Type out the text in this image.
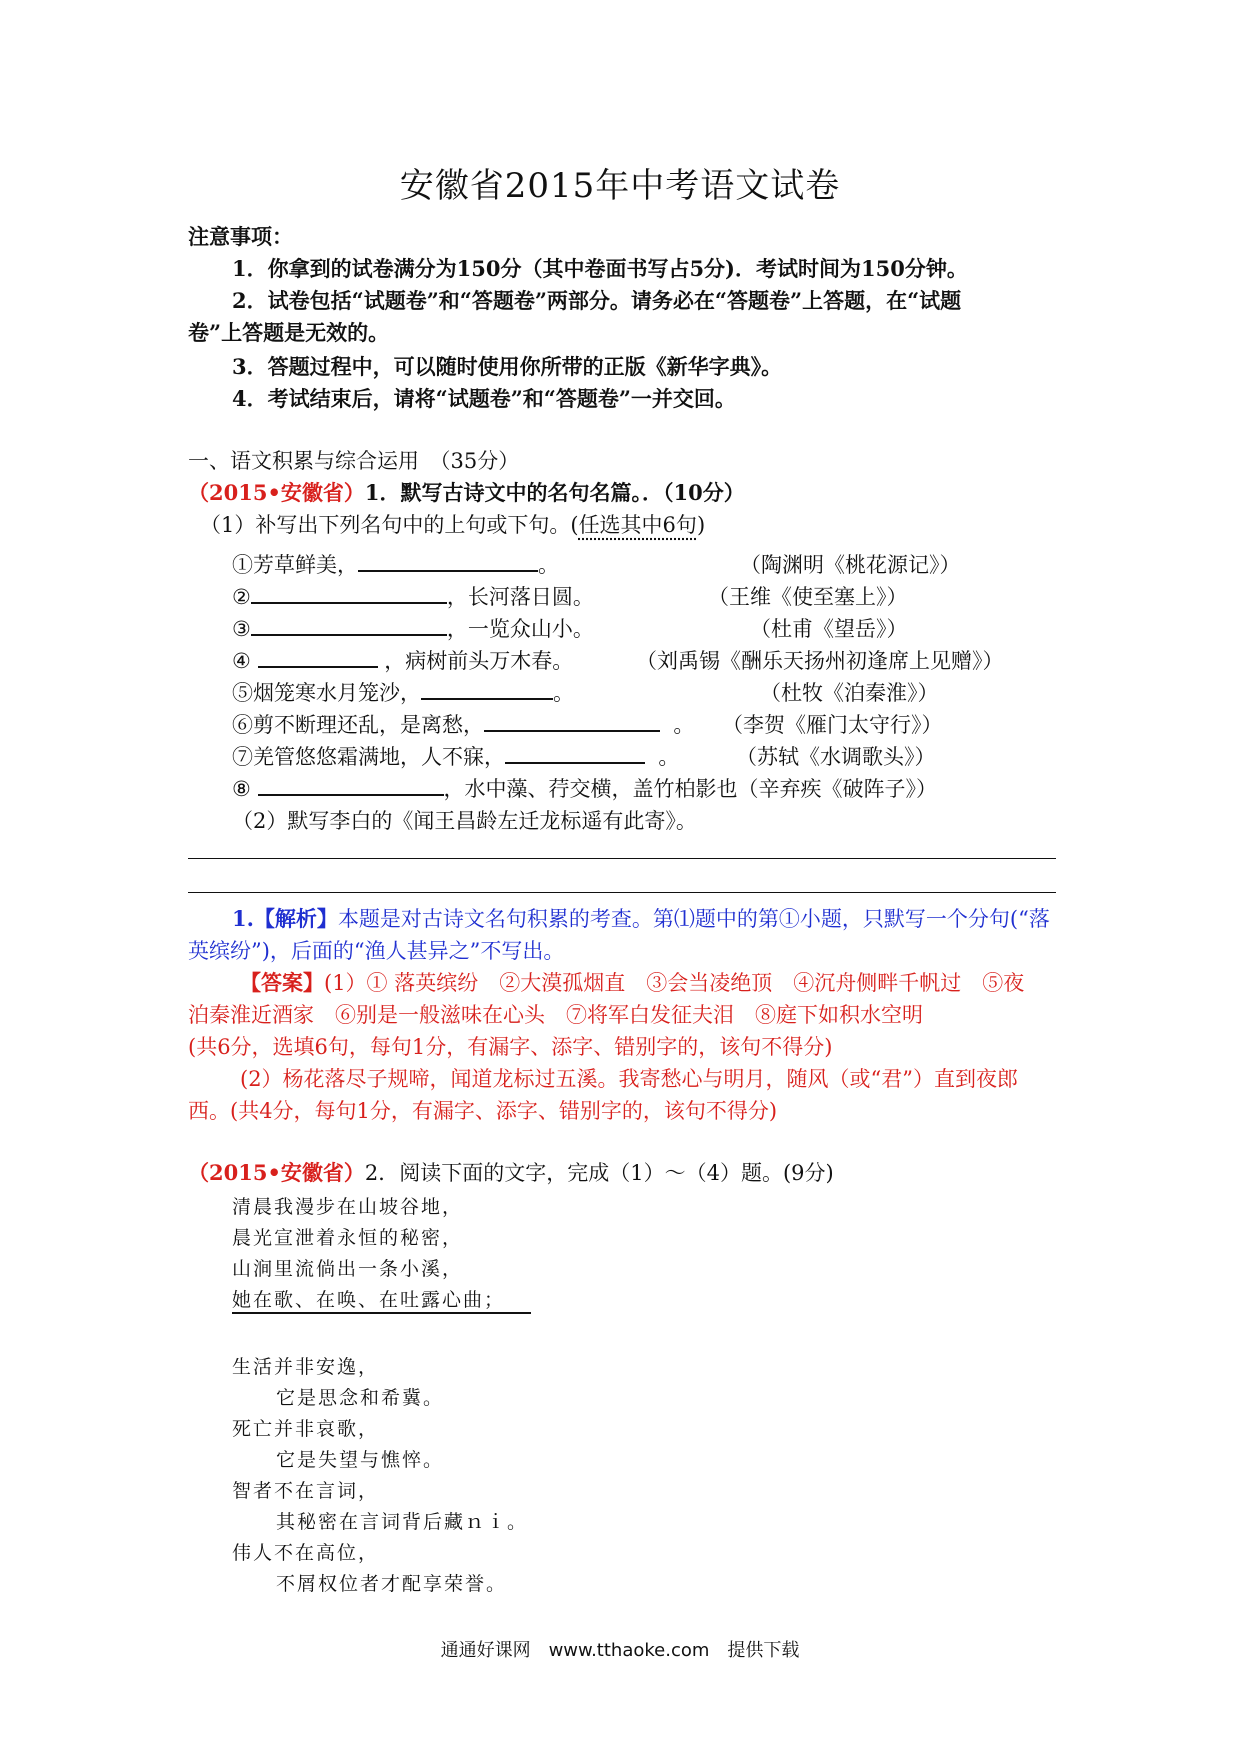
安徽省2015年中考语文试卷
注意事项：
1．你拿到的试卷满分为150分（其中卷面书写占5分)．考试时间为150分钟。
2．试卷包括“试题卷”和“答题卷”两部分。请务必在“答题卷”上答题，在“试题
卷”上答题是无效的。
3．答题过程中，可以随时使用你所带的正版《新华字典》。
4．考试结束后，请将“试题卷”和“答题卷”一并交回。
一、语文积累与综合运用　（35分）
（2015•安徽省）1．默写古诗文中的名句名篇。．（10分）
（1）补写出下列名句中的上句或下句。(任选其中6句)
①芳草鲜美，	。	（陶渊明《桃花源记》）
②	，长河落日圆。	（王维《使至塞上》）
③	，一览众山小。	（杜甫《望岳》）
④	，病树前头万木春。	（刘禹锡《酬乐天扬州初逢席上见赠》）
⑤烟笼寒水月笼沙，	。	（杜牧《泊秦淮》）
⑥剪不断理还乱，是离愁，	。 （李贺《雁门太守行》）
⑦羌管悠悠霜满地，人不寐，	。	（苏轼《水调歌头》）
⑧	，水中藻、荇交横，盖竹柏影也（辛弃疾《破阵子》）
（2）默写李白的《闻王昌龄左迁龙标遥有此寄》。
1.【解析】本题是对古诗文名句积累的考查。第⑴题中的第①小题，只默写一个分句(“落
英缤纷”)，后面的“渔人甚异之”不写出。
【答案】(1）① 落英缤纷　②大漠孤烟直　③会当凌绝顶　④沉舟侧畔千帆过　⑤夜
泊秦淮近酒家　⑥别是一般滋味在心头　⑦将军白发征夫泪　⑧庭下如积水空明
(共6分，选填6句，每句1分，有漏字、添字、错别字的，该句不得分)
(2）杨花落尽子规啼，闻道龙标过五溪。我寄愁心与明月，随风（或“君”）直到夜郎
西。(共4分，每句1分，有漏字、添字、错别字的，该句不得分)
（2015•安徽省）2．阅读下面的文字，完成（1）～（4）题。(9分)
清晨我漫步在山坡谷地，
晨光宣泄着永恒的秘密，
山涧里流倘出一条小溪，
她在歌、在唤、在吐露心曲；
生活并非安逸，
它是思念和希冀。
死亡并非哀歌，
它是失望与憔悴。
智者不在言词，
其秘密在言词背后藏ｎｉ。
伟人不在高位，
不屑权位者才配享荣誉。
通通好课网　www.tthaoke.com　提供下载
